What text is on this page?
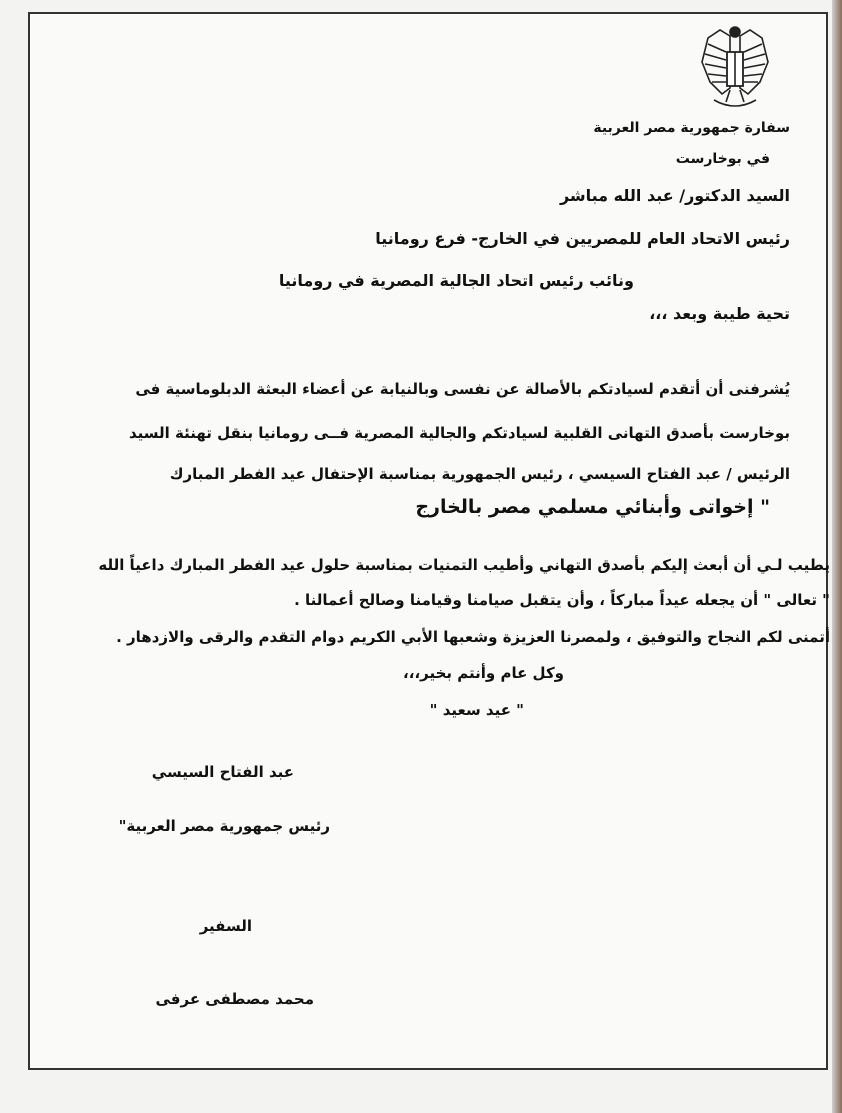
سفارة جمهورية مصر العربية
في بوخارست
السيد الدكتور/ عبد الله مباشر
رئيس الاتحاد العام للمصريين في الخارج- فرع رومانيا
ونائب رئيس اتحاد الجالية المصرية في رومانيا
تحية طيبة وبعد ،،،
يُشرفنى أن أتقدم لسيادتكم بالأصالة عن نفسى وبالنيابة عن أعضاء البعثة الدبلوماسية فى
بوخارست بأصدق التهانى القلبية لسيادتكم والجالية المصرية فــى رومانيا بنقل تهنئة السيد
الرئيس / عبد الفتاح السيسي ، رئيس الجمهورية بمناسبة الإحتفال عيد الفطر المبارك
" إخواتى وأبنائي مسلمي مصر بالخارج
يطيب لـي أن أبعث إليكم بأصدق التهاني وأطيب التمنيات بمناسبة حلول عيد الفطر المبارك داعياً الله
" تعالى " أن يجعله عيداً مباركاً ، وأن يتقبل صيامنا وقيامنا وصالح أعمالنا .
أتمنى لكم النجاح والتوفيق ، ولمصرنا العزيزة وشعبها الأبي الكريم دوام التقدم والرقى والازدهار .
وكل عام وأنتم بخير،،،
" عيد سعيد "
عبد الفتاح السيسي
رئيس جمهورية مصر العربية"
السفير
محمد مصطفى عرفى
